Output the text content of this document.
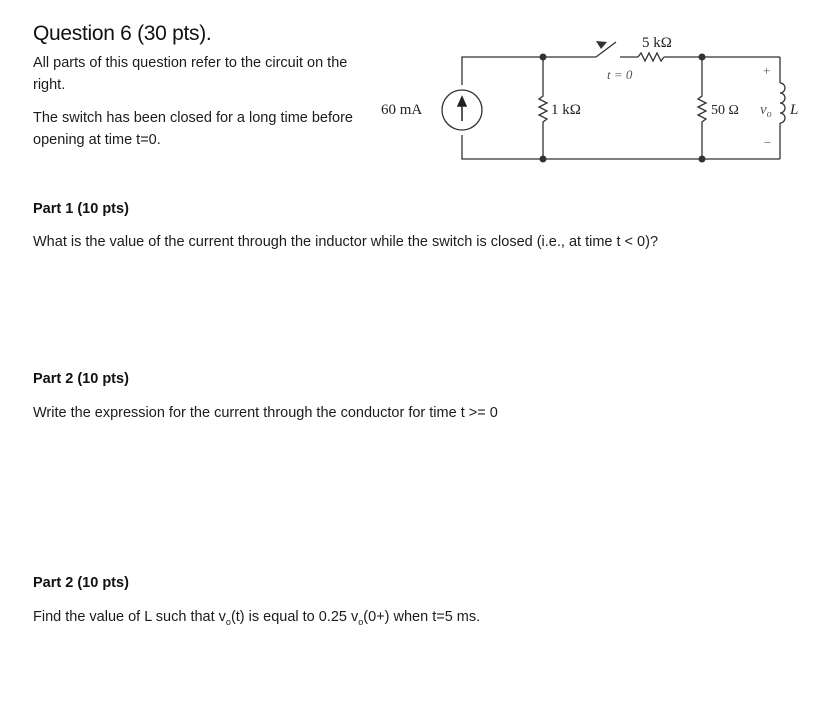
Question 6 (30 pts).
All parts of this question refer to the circuit on the right.
The switch has been closed for a long time before opening at time t=0.
60 mA	1 kΩ
5 kΩ
t = 0
50 Ω
+
−
$v_o$ L
Part 1 (10 pts)
What is the value of the current through the inductor while the switch is closed (i.e., at time t < 0)?
Part 2 (10 pts)
Write the expression for the current through the conductor for time t >= 0
Part 2 (10 pts)
Find the value of L such that $v_o(t)$ is equal to 0.25 $v_o(0+)$ when t=5 ms.
